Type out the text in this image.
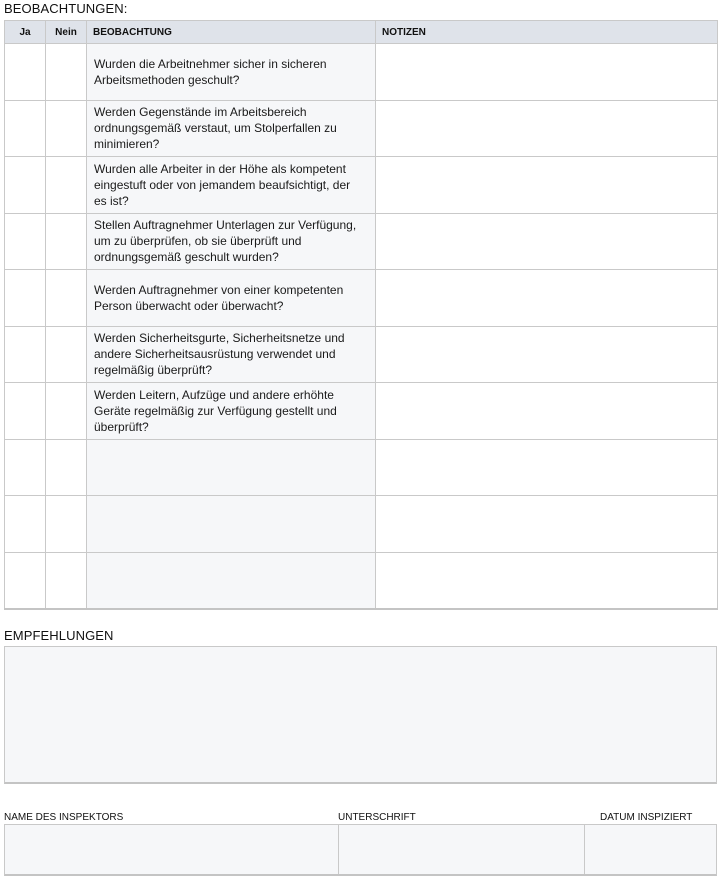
BEOBACHTUNGEN:
Ja	Nein	BEOBACHTUNG	NOTIZEN
		Wurden die Arbeitnehmer sicher in sicheren Arbeitsmethoden geschult?	
		Werden Gegenstände im Arbeitsbereich ordnungsgemäß verstaut, um Stolperfallen zu minimieren?	
		Wurden alle Arbeiter in der Höhe als kompetent eingestuft oder von jemandem beaufsichtigt, der es ist?	
		Stellen Auftragnehmer Unterlagen zur Verfügung, um zu überprüfen, ob sie überprüft und ordnungsgemäß geschult wurden?	
		Werden Auftragnehmer von einer kompetenten Person überwacht oder überwacht?	
		Werden Sicherheitsgurte, Sicherheitsnetze und andere Sicherheitsausrüstung verwendet und regelmäßig überprüft?	
		Werden Leitern, Aufzüge und andere erhöhte Geräte regelmäßig zur Verfügung gestellt und überprüft?	

EMPFEHLUNGEN
NAME DES INSPEKTORS	UNTERSCHRIFT	DATUM INSPIZIERT
